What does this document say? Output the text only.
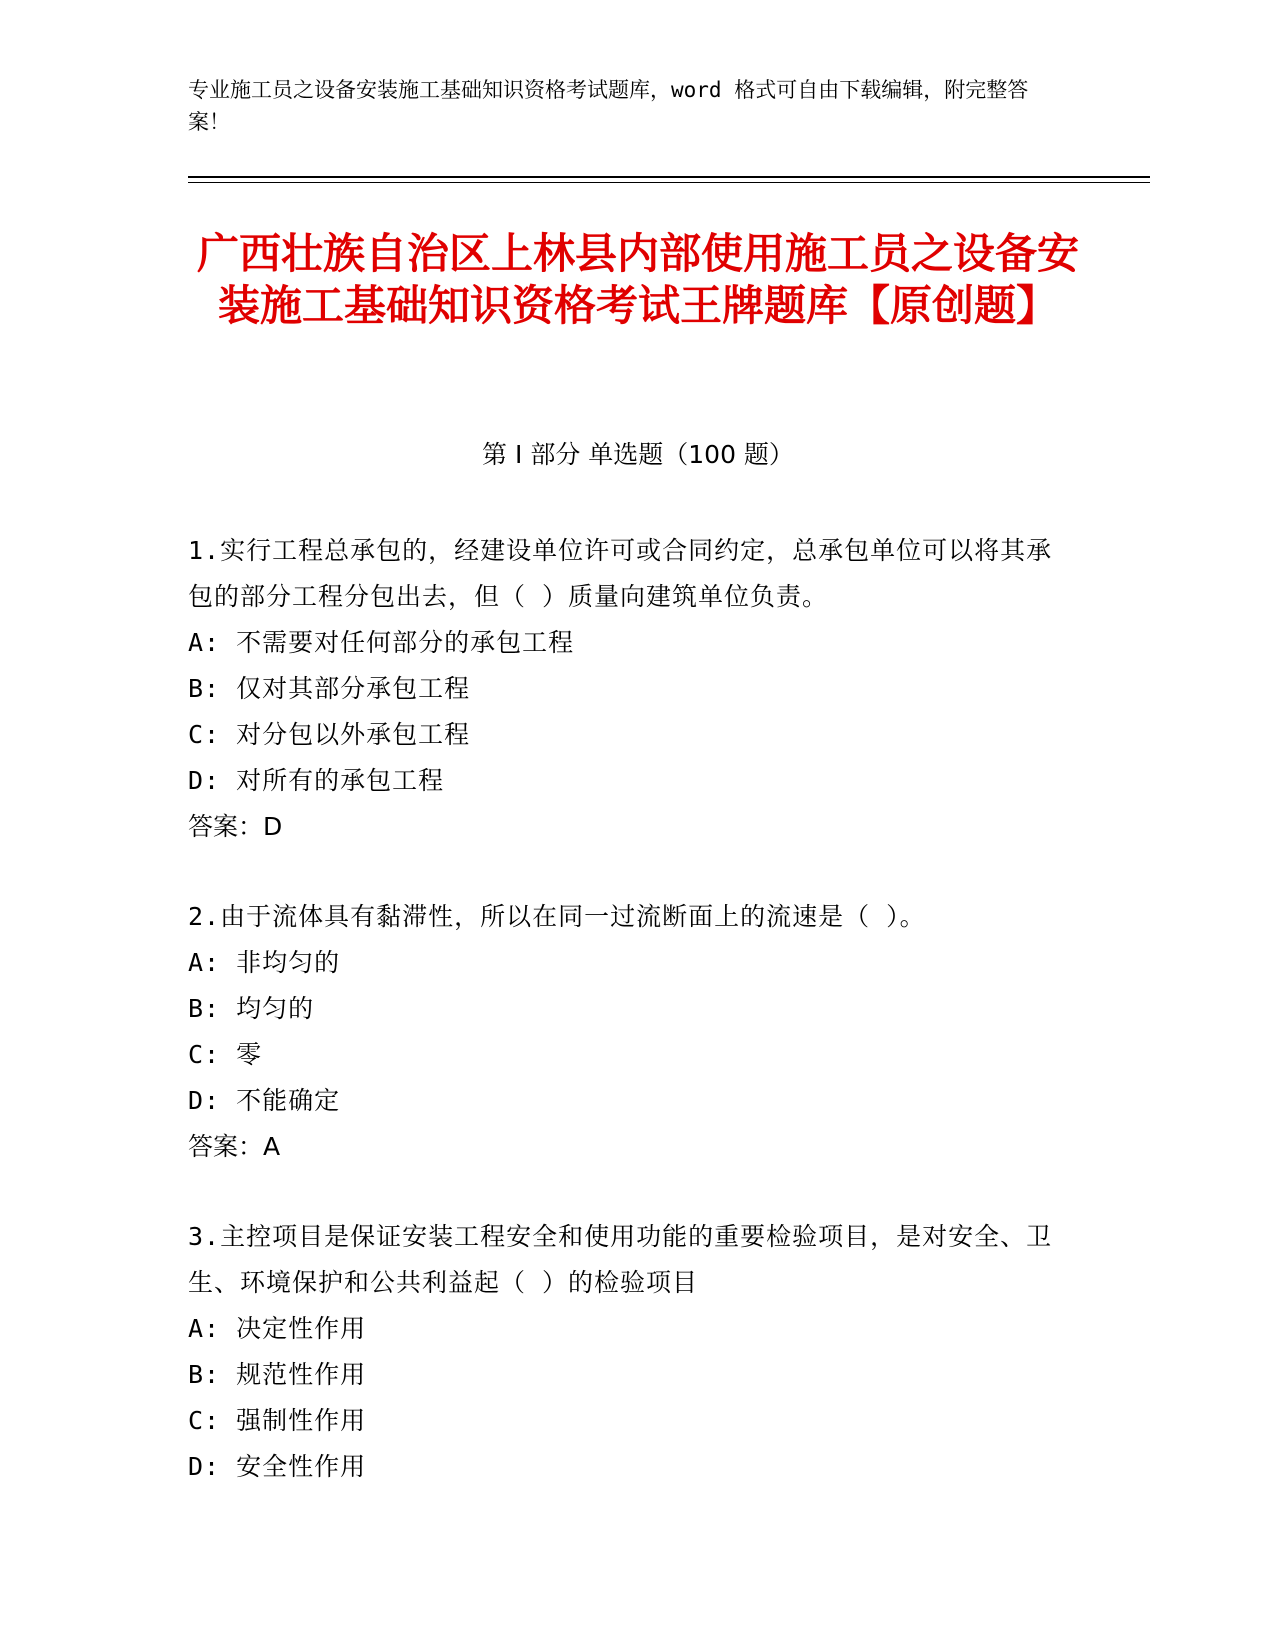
专业施工员之设备安装施工基础知识资格考试题库，word 格式可自由下载编辑，附完整答案！
广西壮族自治区上林县内部使用施工员之设备安装施工基础知识资格考试王牌题库【原创题】
第 I 部分 单选题（100 题）
1.实行工程总承包的，经建设单位许可或合同约定，总承包单位可以将其承包的部分工程分包出去，但（ ）质量向建筑单位负责。
A: 不需要对任何部分的承包工程
B: 仅对其部分承包工程
C: 对分包以外承包工程
D: 对所有的承包工程
答案：D
2.由于流体具有黏滞性，所以在同一过流断面上的流速是（ ）。
A: 非均匀的
B: 均匀的
C: 零
D: 不能确定
答案：A
3.主控项目是保证安装工程安全和使用功能的重要检验项目，是对安全、卫生、环境保护和公共利益起（ ）的检验项目
A: 决定性作用
B: 规范性作用
C: 强制性作用
D: 安全性作用
